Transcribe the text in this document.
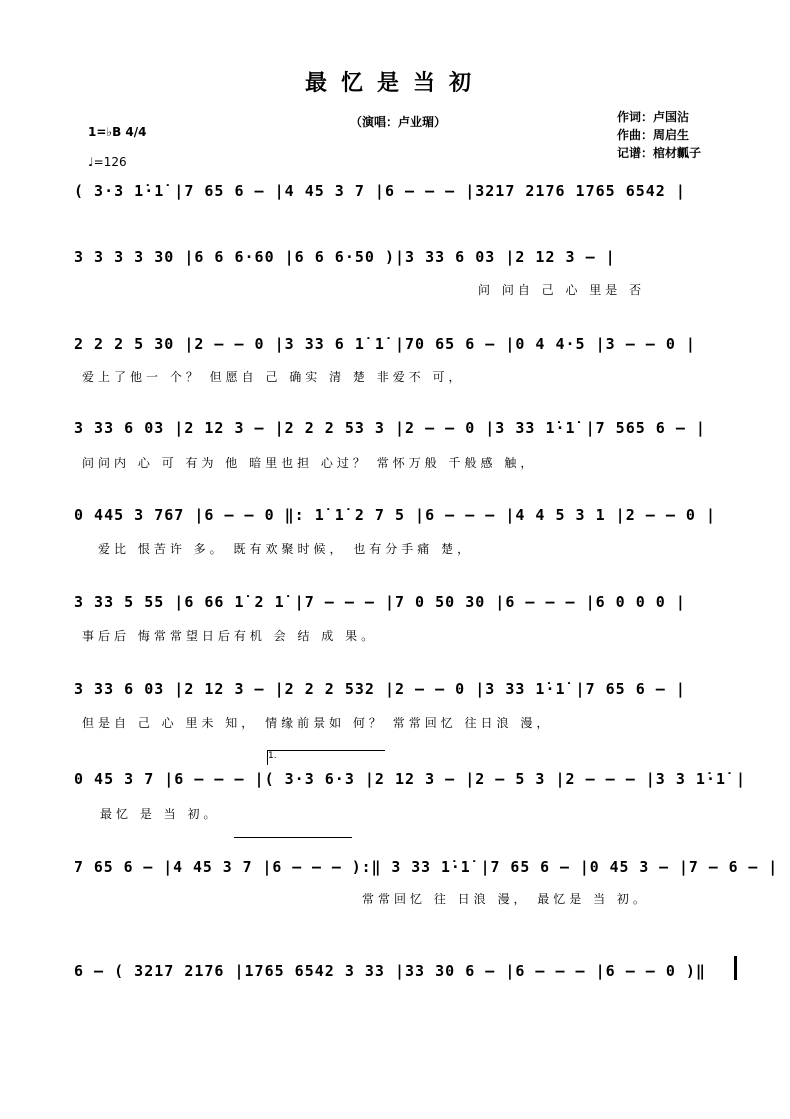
最忆是当初
（演唱：卢业瑂）	作词：卢国沾
作曲：周启生
记谱：棺材瓤子
1=♭B 4/4
♩=126
( 3·3 1̇·1̇ |7 65 6 – |4 45 3 7 |6 – – – |3217 2176 1765 6542 |
3 3 3 3 30 |6 6 6·60 |6 6 6·50 )|3 33 6 03 |2 12 3 – |
问 问自 己 心 里是 否
2 2 2 5 30 |2 – – 0 |3 33 6 1̇ 1̇ |70 65 6 – |0 4 4·5 |3 – – 0 |
爱上了他一 个？ 但愿自 己 确实 清 楚 非爱不 可，
3 33 6 03 |2 12 3 – |2 2 2 53 3 |2 – – 0 |3 33 1̇·1̇ |7 565 6 – |
问问内 心 可 有为 他 暗里也担 心过？ 常怀万般 千般感 触，
0 445 3 767 |6 – – 0 ‖: 1̇ 1̇ 2 7 5 |6 – – – |4 4 5 3 1 |2 – – 0 |
爱比 恨苦许 多。 既有欢聚时候， 也有分手痛 楚，
3 33 5 55 |6 66 1̇ 2 1̇ |7 – – – |7 0 50 30 |6 – – – |6 0 0 0 |
事后后 悔常常望日后有机 会 结 成 果。
3 33 6 03 |2 12 3 – |2 2 2 532 |2 – – 0 |3 33 1̇·1̇ |7 65 6 – |
但是自 己 心 里未 知， 情缘前景如 何？ 常常回忆 往日浪 漫，
1.
0 45 3 7 |6 – – – |( 3·3 6·3 |2 12 3 – |2 – 5 3 |2 – – – |3 3 1̇·1̇ |
最忆 是 当 初。
7 65 6 – |4 45 3 7 |6 – – – ):‖ 3 33 1̇·1̇ |7 65 6 – |0 45 3 – |7 – 6 – |
常常回忆 往 日浪 漫， 最忆是 当 初。
6 – ( 3217 2176 |1765 6542 3 33 |33 30 6 – |6 – – – |6 – – 0 )‖
